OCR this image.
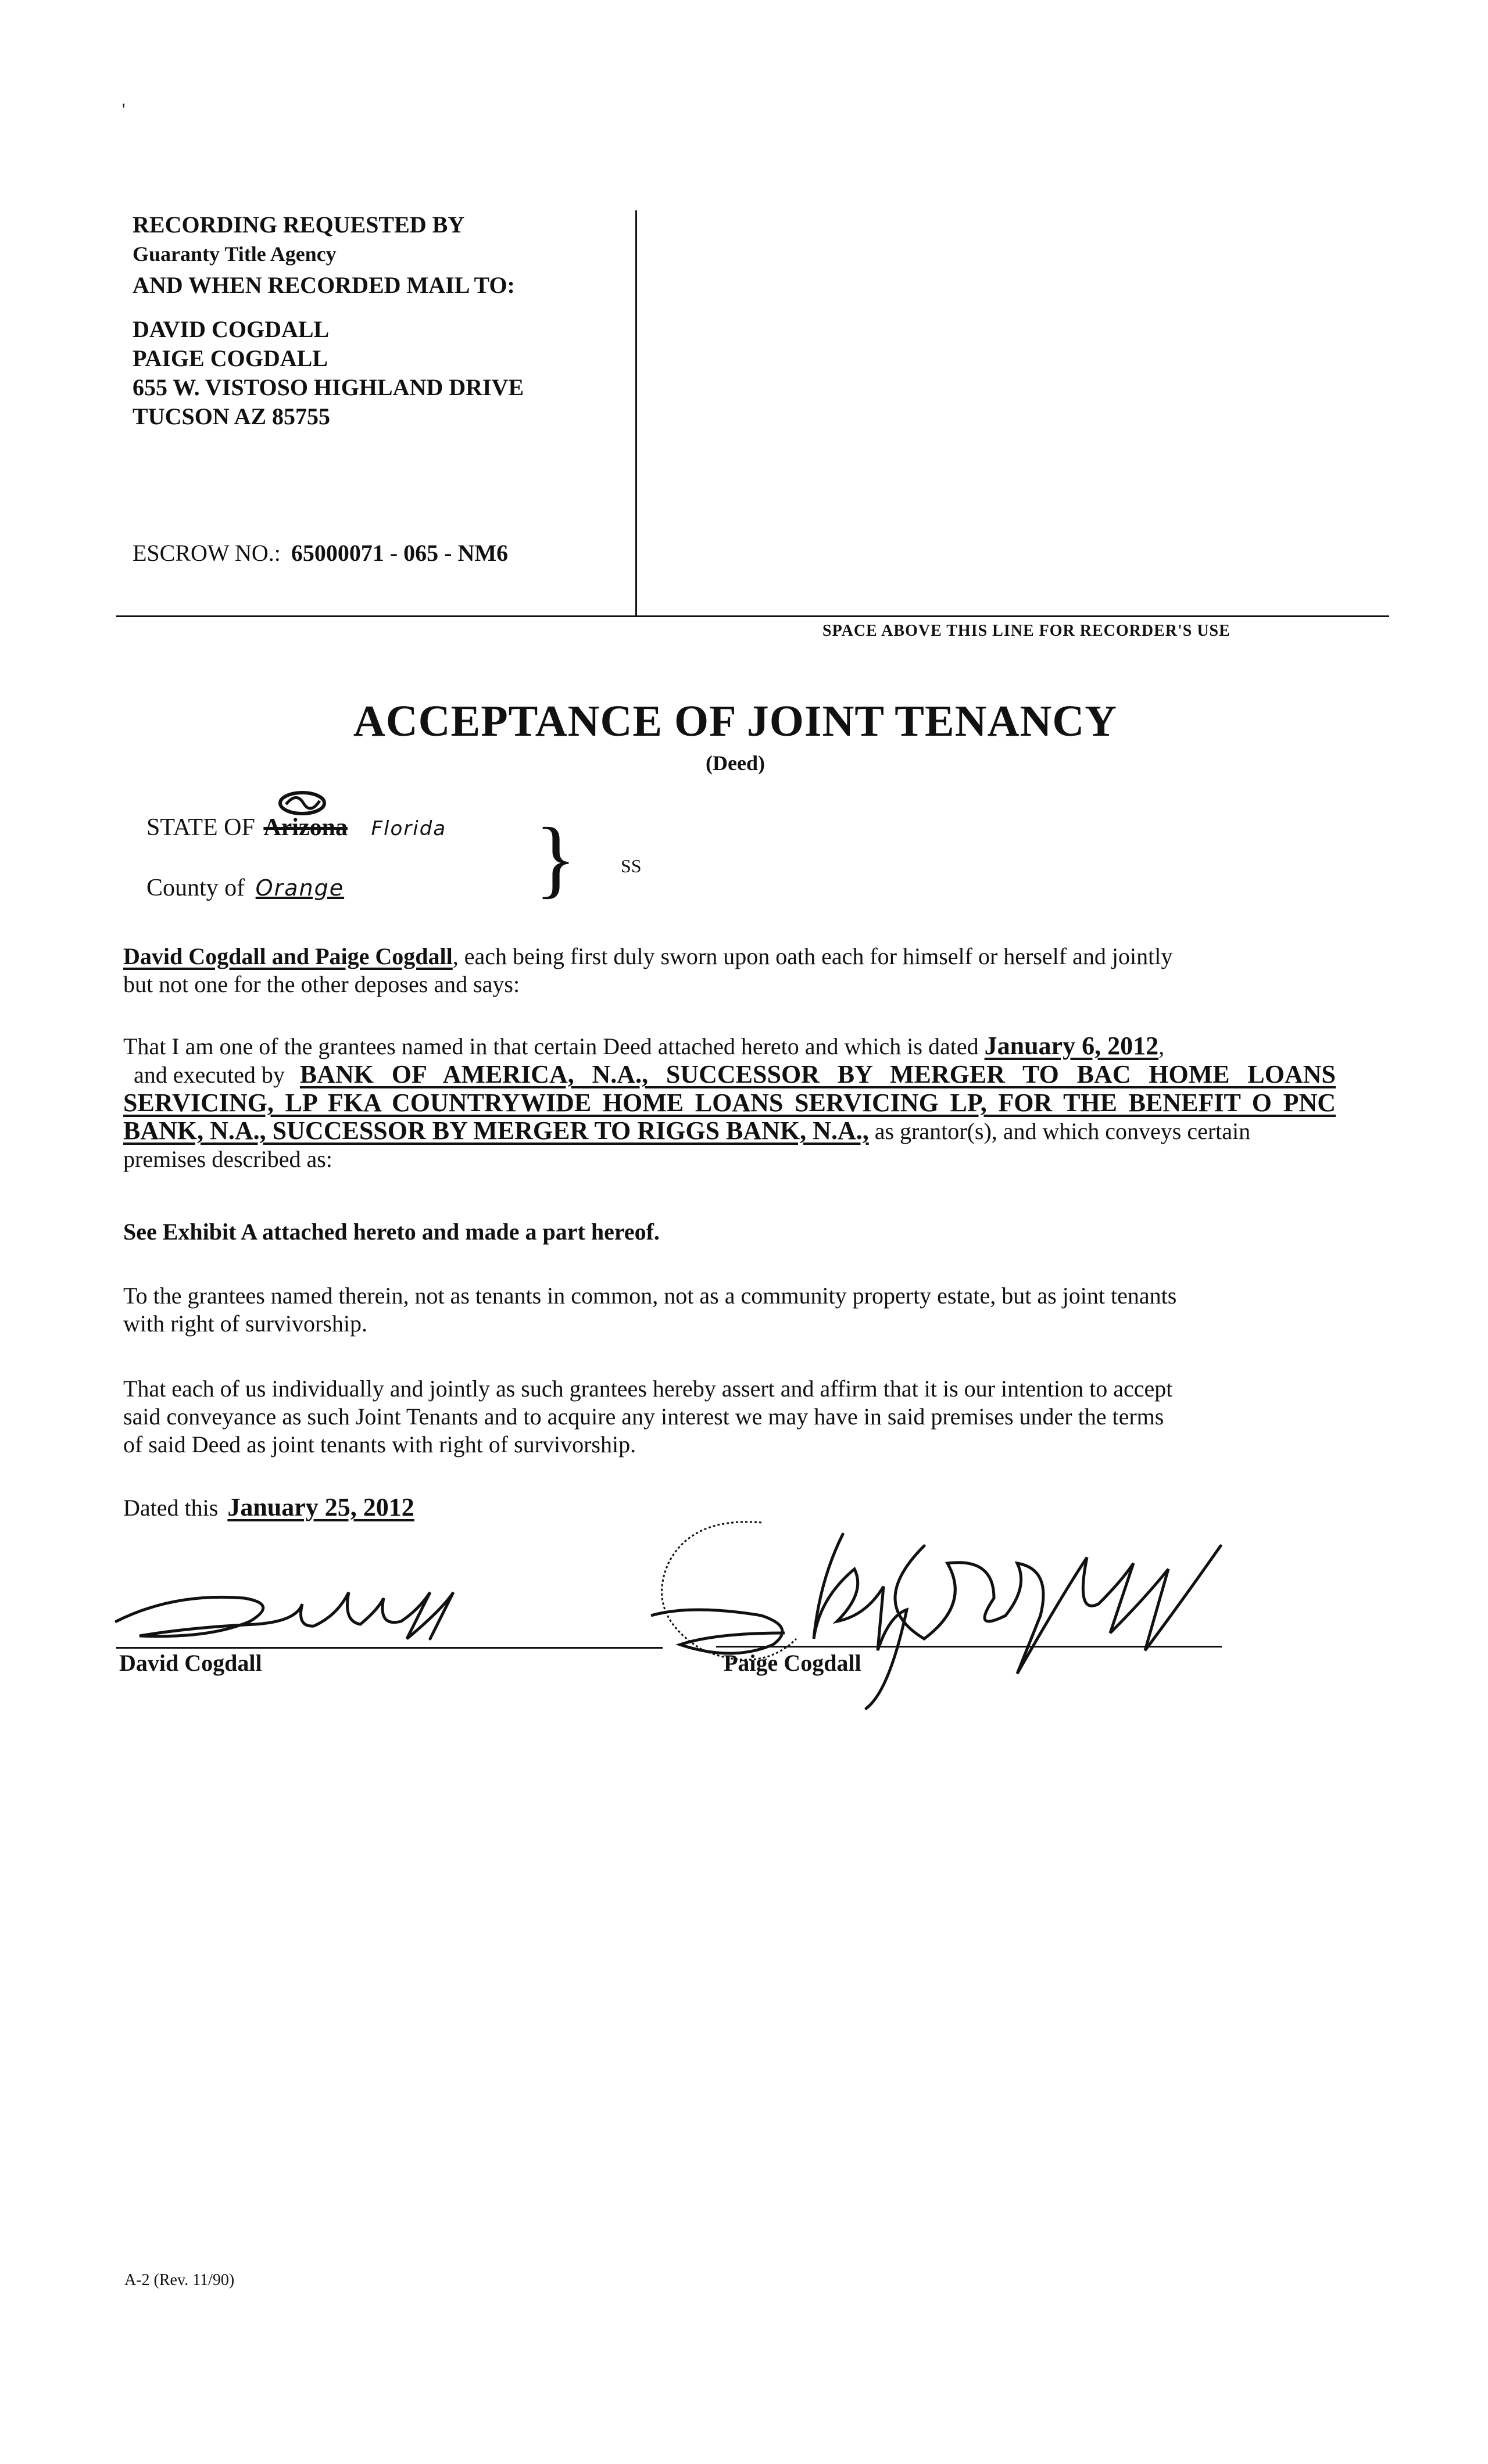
'
RECORDING REQUESTED BY
Guaranty Title Agency
AND WHEN RECORDED MAIL TO:
DAVID COGDALL
PAIGE COGDALL
655 W. VISTOSO HIGHLAND DRIVE
TUCSON AZ 85755
ESCROW NO.: 65000071 - 065 - NM6
SPACE ABOVE THIS LINE FOR RECORDER'S USE
ACCEPTANCE OF JOINT TENANCY
(Deed)
STATE OF Arizona Florida
County of Orange } SS
David Cogdall and Paige Cogdall, each being first duly sworn upon oath each for himself or herself and jointly
but not one for the other deposes and says:
That I am one of the grantees named in that certain Deed attached hereto and which is dated January 6, 2012,
and executed by BANK OF AMERICA, N.A., SUCCESSOR BY MERGER TO BAC HOME LOANS
SERVICING, LP FKA COUNTRYWIDE HOME LOANS SERVICING LP, FOR THE BENEFIT O PNC
BANK, N.A., SUCCESSOR BY MERGER TO RIGGS BANK, N.A., as grantor(s), and which conveys certain
premises described as:
See Exhibit A attached hereto and made a part hereof.
To the grantees named therein, not as tenants in common, not as a community property estate, but as joint tenants
with right of survivorship.
That each of us individually and jointly as such grantees hereby assert and affirm that it is our intention to accept
said conveyance as such Joint Tenants and to acquire any interest we may have in said premises under the terms
of said Deed as joint tenants with right of survivorship.
Dated this January 25, 2012
David Cogdall	Paige Cogdall
A-2 (Rev. 11/90)
